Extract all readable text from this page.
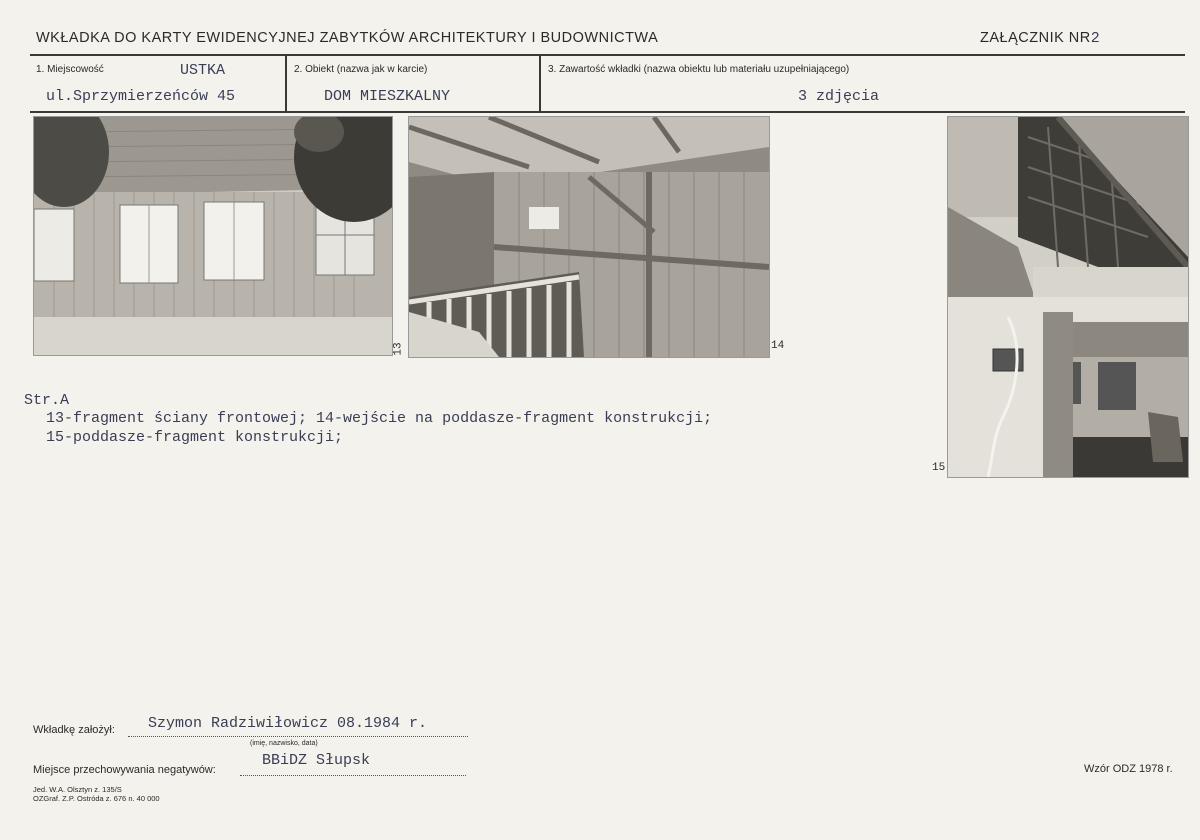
WKŁADKA DO KARTY EWIDENCYJNEJ ZABYTKÓW ARCHITEKTURY I BUDOWNICTWA	ZAŁĄCZNIK NR2
1. Miejscowość	USTKA
ul.Sprzymierzeńców 45
2. Obiekt (nazwa jak w karcie)
DOM MIESZKALNY
3. Zawartość wkładki (nazwa obiektu lub materiału uzupełniającego)
3 zdjęcia
13	14
15
Str.A
13-fragment ściany frontowej; 14-wejście na poddasze-fragment konstrukcji;
15-poddasze-fragment konstrukcji;
Wkładkę założył: Szymon Radziwiłowicz 08.1984 r.
(imię, nazwisko, data)
Miejsce przechowywania negatywów:
BBiDZ Słupsk
Jed. W.A. Olsztyn z. 135/S
OZGraf. Z.P. Ostróda z. 676 n. 40 000
Wzór ODZ 1978 r.
